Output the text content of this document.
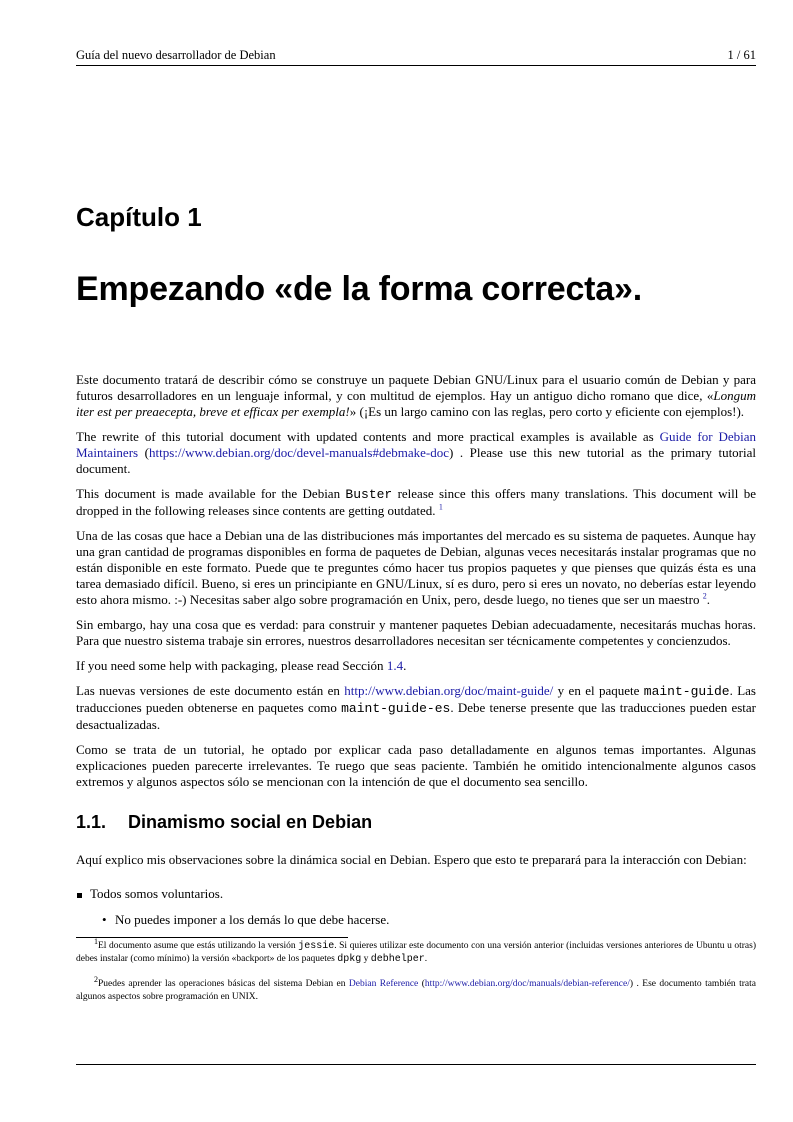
Guía del nuevo desarrollador de Debian	1 / 61
Capítulo 1
Empezando «de la forma correcta».

Este documento tratará de describir cómo se construye un paquete Debian GNU/Linux para el usuario común de Debian y para futuros desarrolladores en un lenguaje informal, y con multitud de ejemplos. Hay un antiguo dicho romano que dice, «Longum iter est per preaecepta, breve et efficax per exempla!» (¡Es un largo camino con las reglas, pero corto y eficiente con ejemplos!).

The rewrite of this tutorial document with updated contents and more practical examples is available as Guide for Debian Maintainers (https://www.debian.org/doc/devel-manuals#debmake-doc) . Please use this new tutorial as the primary tutorial document.

This document is made available for the Debian Buster release since this offers many translations. This document will be dropped in the following releases since contents are getting outdated. $^1$

Una de las cosas que hace a Debian una de las distribuciones más importantes del mercado es su sistema de paquetes. Aunque hay una gran cantidad de programas disponibles en forma de paquetes de Debian, algunas veces necesitarás instalar programas que no están disponible en este formato. Puede que te preguntes cómo hacer tus propios paquetes y que pienses que quizás ésta es una tarea demasiado difícil. Bueno, si eres un principiante en GNU/Linux, sí es duro, pero si eres un novato, no deberías estar leyendo esto ahora mismo. :-) Necesitas saber algo sobre programación en Unix, pero, desde luego, no tienes que ser un maestro $^2$.

Sin embargo, hay una cosa que es verdad: para construir y mantener paquetes Debian adecuadamente, necesitarás muchas horas. Para que nuestro sistema trabaje sin errores, nuestros desarrolladores necesitan ser técnicamente competentes y concienzudos.

If you need some help with packaging, please read Sección 1.4.

Las nuevas versiones de este documento están en http://www.debian.org/doc/maint-guide/ y en el paquete maint-guide. Las traducciones pueden obtenerse en paquetes como maint-guide-es. Debe tenerse presente que las traducciones pueden estar desactualizadas.

Como se trata de un tutorial, he optado por explicar cada paso detalladamente en algunos temas importantes. Algunas explicaciones pueden parecerte irrelevantes. Te ruego que seas paciente. También he omitido intencionalmente algunos casos extremos y algunos aspectos sólo se mencionan con la intención de que el documento sea sencillo.

1.1. Dinamismo social en Debian

Aquí explico mis observaciones sobre la dinámica social en Debian. Espero que esto te preparará para la interacción con Debian:

Todos somos voluntarios.
• No puedes imponer a los demás lo que debe hacerse.
$^1$El documento asume que estás utilizando la versión jessie. Si quieres utilizar este documento con una versión anterior (incluidas versiones anteriores de Ubuntu u otras) debes instalar (como mínimo) la versión «backport» de los paquetes dpkg y debhelper.
$^2$Puedes aprender las operaciones básicas del sistema Debian en Debian Reference (http://www.debian.org/doc/manuals/debian-reference/) . Ese documento también trata algunos aspectos sobre programación en UNIX.
